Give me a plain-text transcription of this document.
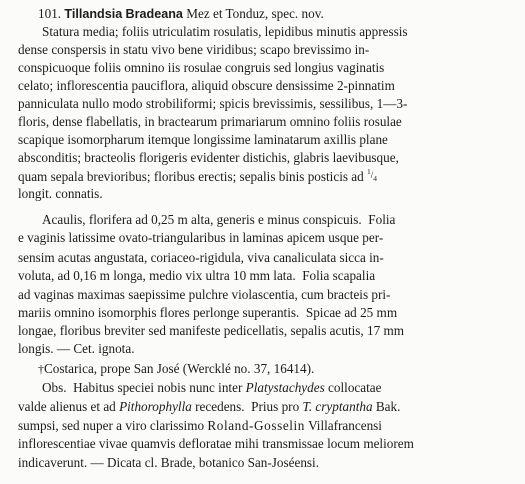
101. Tillandsia Bradeana Mez et Tonduz, spec. nov.
Statura media; foliis utriculatim rosulatis, lepidibus minutis appressis
dense conspersis in statu vivo bene viridibus; scapo brevissimo in-
conspicuoque foliis omnino iis rosulae congruis sed longius vaginatis
celato; inflorescentia pauciflora, aliquid obscure densissime 2-pinnatim
panniculata nullo modo strobiliformi; spicis brevissimis, sessilibus, 1—3-
floris, dense flabellatis, in bractearum primariarum omnino foliis rosulae
scapique isomorpharum itemque longissime laminatarum axillis plane
absconditis; bracteolis florigeris evidenter distichis, glabris laevibusque,
quam sepala brevioribus; floribus erectis; sepalis binis posticis ad $^1/_4$
longit. connatis.
Acaulis, florifera ad 0,25 m alta, generis e minus conspicuis.  Folia
e vaginis latissime ovato-triangularibus in laminas apicem usque per-
sensim acutas angustata, coriaceo-rigidula, viva canaliculata sicca in-
voluta, ad 0,16 m longa, medio vix ultra 10 mm lata.  Folia scapalia
ad vaginas maximas saepissime pulchre violascentia, cum bracteis pri-
mariis omnino isomorphis flores perlonge superantis.  Spicae ad 25 mm
longae, floribus breviter sed manifeste pedicellatis, sepalis acutis, 17 mm
longis. — Cet. ignota.
†Costarica, prope San José (Wercklé no. 37, 16414).
Obs.  Habitus speciei nobis nunc inter Platystachydes collocatae
valde alienus et ad Pithorophylla recedens.  Prius pro T. cryptantha Bak.
sumpsi, sed nuper a viro clarissimo Roland-Gosselin Villafrancensi
inflorescentiae vivae quamvis defloratae mihi transmissae locum meliorem
indicaverunt. — Dicata cl. Brade, botanico San-Joséensi.
